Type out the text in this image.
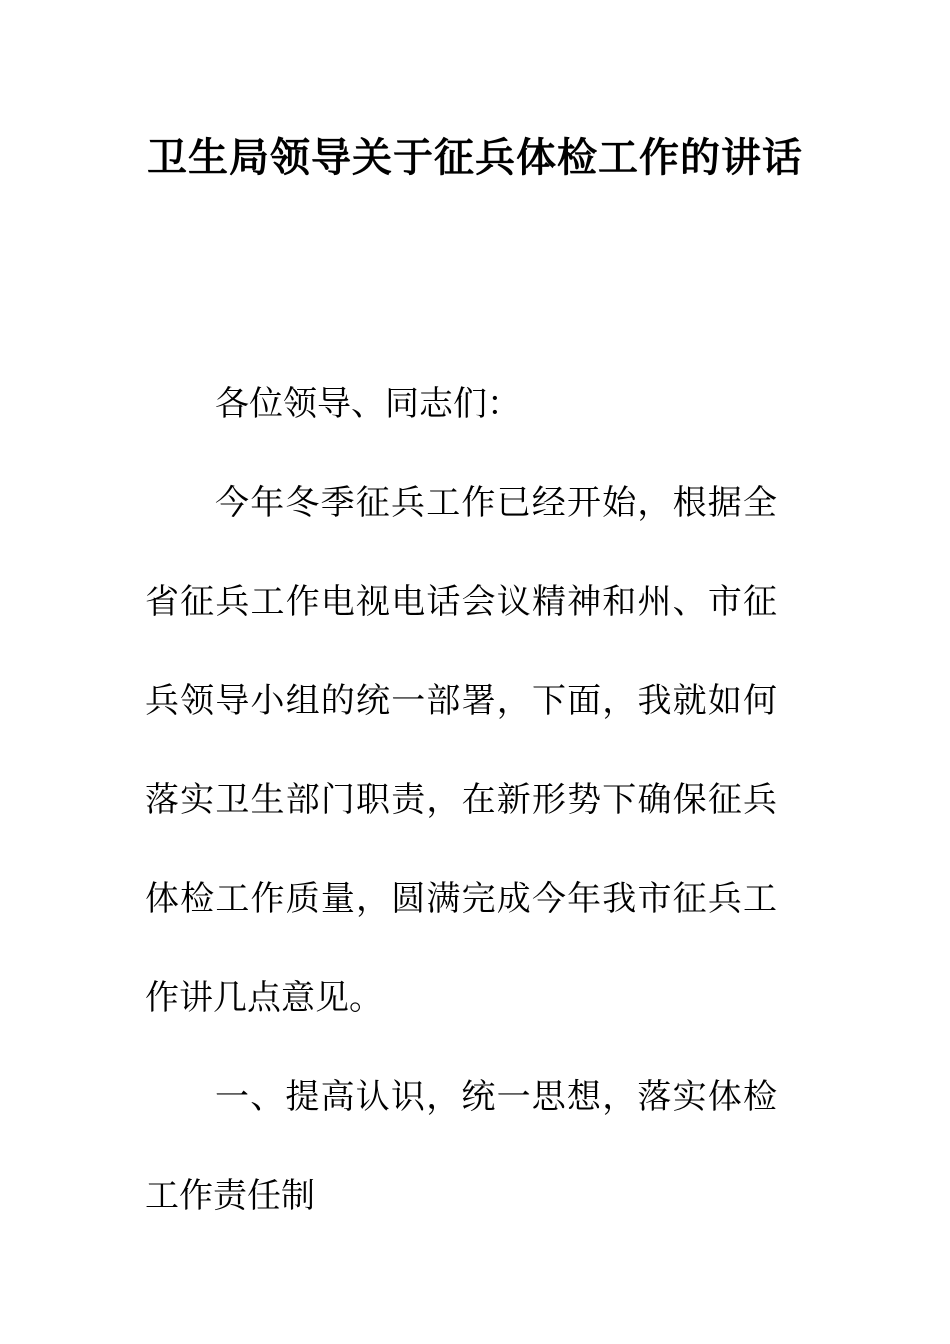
卫生局领导关于征兵体检工作的讲话

各位领导、同志们：

今年冬季征兵工作已经开始，根据全省征兵工作电视电话会议精神和州、市征兵领导小组的统一部署，下面，我就如何落实卫生部门职责，在新形势下确保征兵体检工作质量，圆满完成今年我市征兵工作讲几点意见。

一、提高认识，统一思想，落实体检工作责任制
